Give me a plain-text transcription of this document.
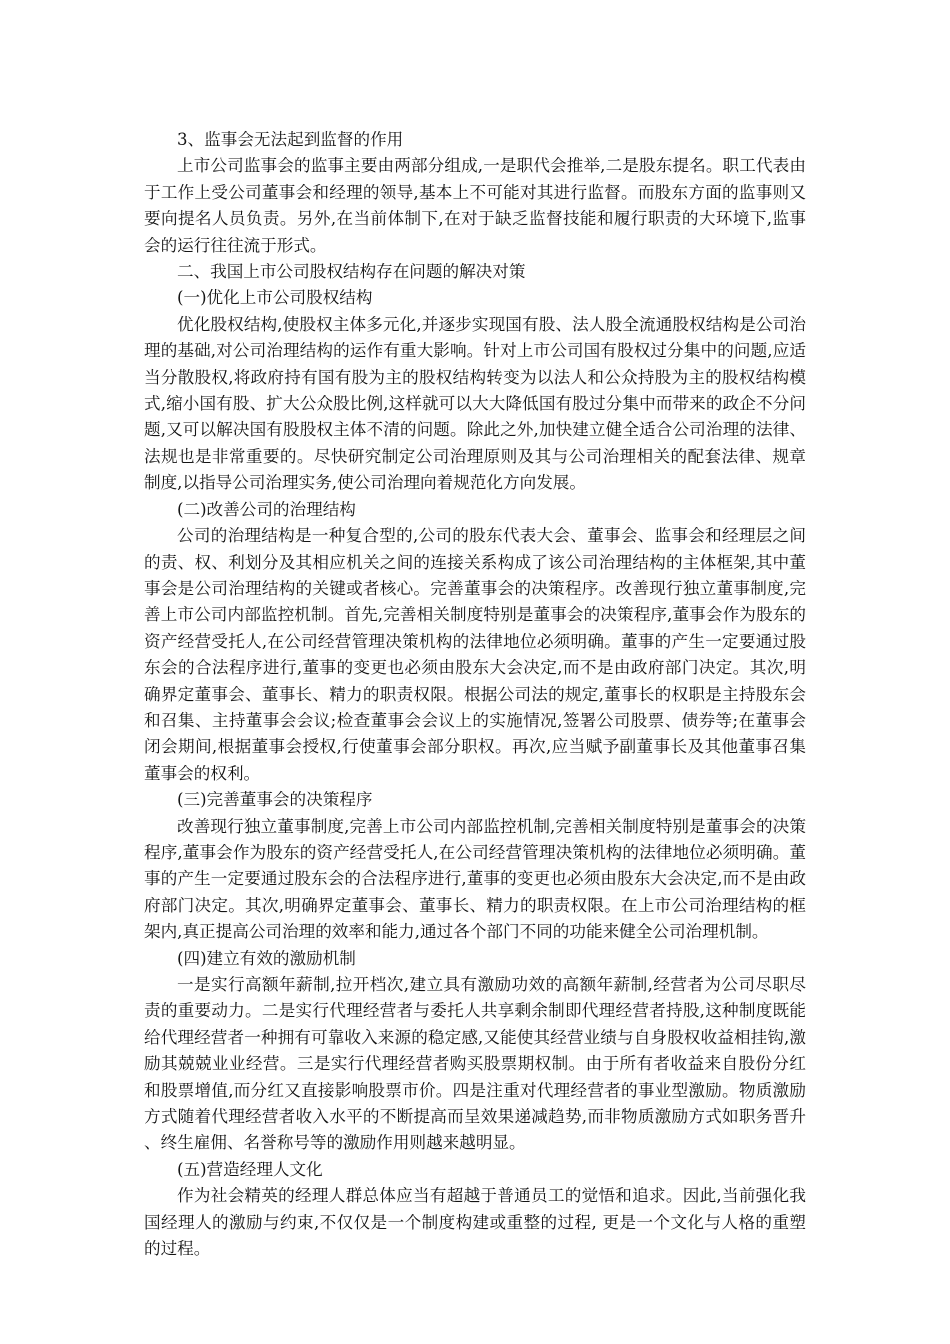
3、监事会无法起到监督的作用

上市公司监事会的监事主要由两部分组成,一是职代会推举,二是股东提名。职工代表由于工作上受公司董事会和经理的领导,基本上不可能对其进行监督。而股东方面的监事则又要向提名人员负责。另外,在当前体制下,在对于缺乏监督技能和履行职责的大环境下,监事会的运行往往流于形式。

二、我国上市公司股权结构存在问题的解决对策

(一)优化上市公司股权结构

优化股权结构,使股权主体多元化,并逐步实现国有股、法人股全流通股权结构是公司治理的基础,对公司治理结构的运作有重大影响。针对上市公司国有股权过分集中的问题,应适当分散股权,将政府持有国有股为主的股权结构转变为以法人和公众持股为主的股权结构模式,缩小国有股、扩大公众股比例,这样就可以大大降低国有股过分集中而带来的政企不分问题,又可以解决国有股股权主体不清的问题。除此之外,加快建立健全适合公司治理的法律、法规也是非常重要的。尽快研究制定公司治理原则及其与公司治理相关的配套法律、规章制度,以指导公司治理实务,使公司治理向着规范化方向发展。

(二)改善公司的治理结构

公司的治理结构是一种复合型的,公司的股东代表大会、董事会、监事会和经理层之间的责、权、利划分及其相应机关之间的连接关系构成了该公司治理结构的主体框架,其中董事会是公司治理结构的关键或者核心。完善董事会的决策程序。改善现行独立董事制度,完善上市公司内部监控机制。首先,完善相关制度特别是董事会的决策程序,董事会作为股东的资产经营受托人,在公司经营管理决策机构的法律地位必须明确。董事的产生一定要通过股东会的合法程序进行,董事的变更也必须由股东大会决定,而不是由政府部门决定。其次,明确界定董事会、董事长、精力的职责权限。根据公司法的规定,董事长的权职是主持股东会和召集、主持董事会会议;检查董事会会议上的实施情况,签署公司股票、债券等;在董事会闭会期间,根据董事会授权,行使董事会部分职权。再次,应当赋予副董事长及其他董事召集董事会的权利。

(三)完善董事会的决策程序

改善现行独立董事制度,完善上市公司内部监控机制,完善相关制度特别是董事会的决策程序,董事会作为股东的资产经营受托人,在公司经营管理决策机构的法律地位必须明确。董事的产生一定要通过股东会的合法程序进行,董事的变更也必须由股东大会决定,而不是由政府部门决定。其次,明确界定董事会、董事长、精力的职责权限。在上市公司治理结构的框架内,真正提高公司治理的效率和能力,通过各个部门不同的功能来健全公司治理机制。

(四)建立有效的激励机制

一是实行高额年薪制,拉开档次,建立具有激励功效的高额年薪制,经营者为公司尽职尽责的重要动力。二是实行代理经营者与委托人共享剩余制即代理经营者持股,这种制度既能给代理经营者一种拥有可靠收入来源的稳定感,又能使其经营业绩与自身股权收益相挂钩,激励其兢兢业业经营。三是实行代理经营者购买股票期权制。由于所有者收益来自股份分红和股票增值,而分红又直接影响股票市价。四是注重对代理经营者的事业型激励。物质激励方式随着代理经营者收入水平的不断提高而呈效果递减趋势,而非物质激励方式如职务晋升、终生雇佣、名誉称号等的激励作用则越来越明显。

(五)营造经理人文化

作为社会精英的经理人群总体应当有超越于普通员工的觉悟和追求。因此,当前强化我国经理人的激励与约束,不仅仅是一个制度构建或重整的过程, 更是一个文化与人格的重塑的过程。
